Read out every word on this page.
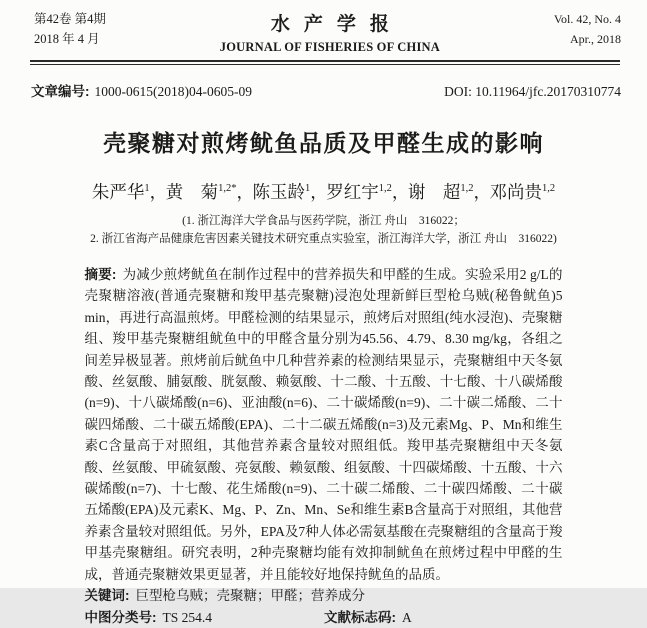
第42卷 第4期
2018 年 4 月
水产学报
JOURNAL OF FISHERIES OF CHINA
Vol. 42, No. 4
Apr., 2018
文章编号: 1000-0615(2018)04-0605-09	DOI: 10.11964/jfc.20170310774
壳聚糖对煎烤鱿鱼品质及甲醛生成的影响
朱严华$^1$，黄　菊$^{1,2*}$，陈玉龄$^1$，罗红宇$^{1,2}$，谢　超$^{1,2}$，邓尚贵$^{1,2}$
(1. 浙江海洋大学食品与医药学院，浙江 舟山　316022；
2. 浙江省海产品健康危害因素关键技术研究重点实验室，浙江海洋大学，浙江 舟山　316022)

摘要: 为减少煎烤鱿鱼在制作过程中的营养损失和甲醛的生成。实验采用2 g/L的壳聚糖溶液(普通壳聚糖和羧甲基壳聚糖)浸泡处理新鲜巨型枪乌贼(秘鲁鱿鱼)5 min，再进行高温煎烤。甲醛检测的结果显示，煎烤后对照组(纯水浸泡)、壳聚糖组、羧甲基壳聚糖组鱿鱼中的甲醛含量分别为45.56、4.79、8.30 mg/kg，各组之间差异极显著。煎烤前后鱿鱼中几种营养素的检测结果显示，壳聚糖组中天冬氨酸、丝氨酸、脯氨酸、胱氨酸、赖氨酸、十二酸、十五酸、十七酸、十八碳烯酸(n=9)、十八碳烯酸(n=6)、亚油酸(n=6)、二十碳烯酸(n=9)、二十碳二烯酸、二十碳四烯酸、二十碳五烯酸(EPA)、二十二碳五烯酸(n=3)及元素Mg、P、Mn和维生素C含量高于对照组，其他营养素含量较对照组低。羧甲基壳聚糖组中天冬氨酸、丝氨酸、甲硫氨酸、亮氨酸、赖氨酸、组氨酸、十四碳烯酸、十五酸、十六碳烯酸(n=7)、十七酸、花生烯酸(n=9)、二十碳二烯酸、二十碳四烯酸、二十碳五烯酸(EPA)及元素K、Mg、P、Zn、Mn、Se和维生素B含量高于对照组，其他营养素含量较对照组低。另外，EPA及7种人体必需氨基酸在壳聚糖组的含量高于羧甲基壳聚糖组。研究表明，2种壳聚糖均能有效抑制鱿鱼在煎烤过程中甲醛的生成，普通壳聚糖效果更显著，并且能较好地保持鱿鱼的品质。

关键词: 巨型枪乌贼；壳聚糖；甲醛；营养成分

中图分类号: TS 254.4	文献标志码: A
